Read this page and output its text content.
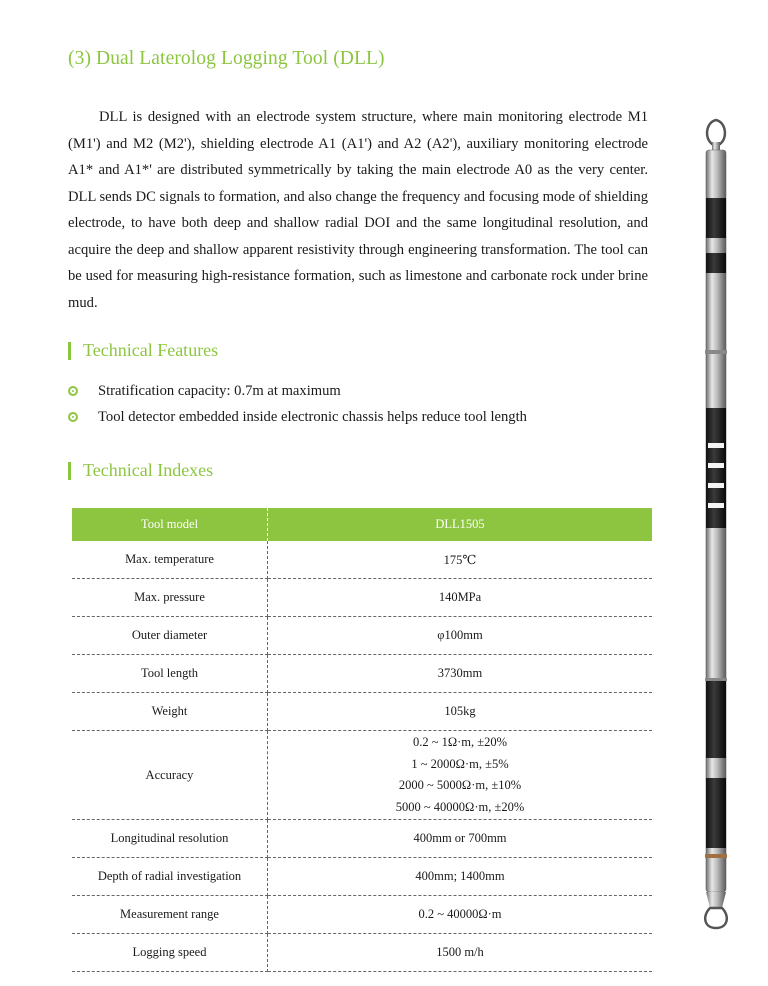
(3) Dual Laterolog Logging Tool (DLL)

DLL is designed with an electrode system structure, where main monitoring electrode M1 (M1') and M2 (M2'), shielding electrode A1 (A1') and A2 (A2'), auxiliary monitoring electrode A1* and A1*' are distributed symmetrically by taking the main electrode A0 as the very center. DLL sends DC signals to formation, and also change the frequency and focusing mode of shielding electrode, to have both deep and shallow radial DOI and the same longitudinal resolution, and acquire the deep and shallow apparent resistivity through engineering transformation. The tool can be used for measuring high-resistance formation, such as limestone and carbonate rock under brine mud.

Technical Features
Stratification capacity: 0.7m at maximum
Tool detector embedded inside electronic chassis helps reduce tool length
Technical Indexes
Tool model	DLL1505
Max. temperature	175℃
Max. pressure	140MPa
Outer diameter	φ100mm
Tool length	3730mm
Weight	105kg
Accuracy	0.2 ~ 1Ω·m, ±20%
1 ~ 2000Ω·m, ±5%
2000 ~ 5000Ω·m, ±10%
5000 ~ 40000Ω·m, ±20%

Longitudinal resolution	400mm or 700mm
Depth of radial investigation	400mm; 1400mm
Measurement range	0.2 ~ 40000Ω·m
Logging speed	1500 m/h
